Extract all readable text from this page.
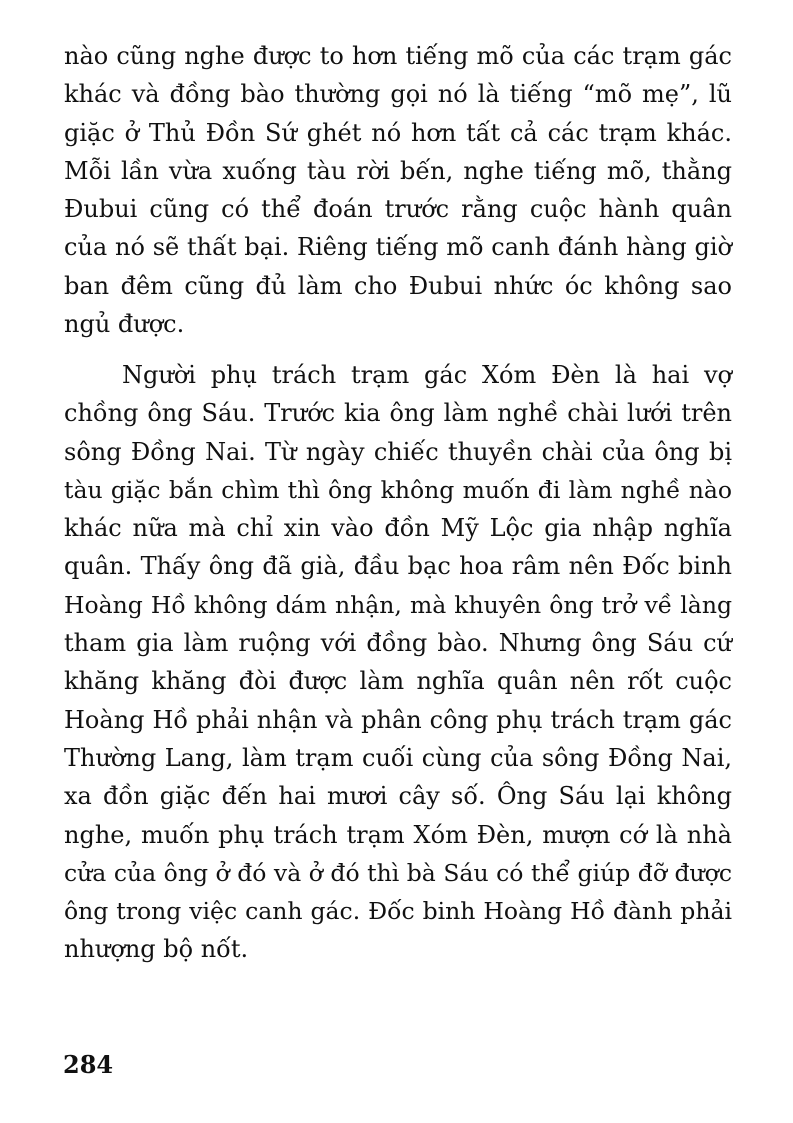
nào cũng nghe được to hơn tiếng mõ của các trạm gác
khác và đồng bào thường gọi nó là tiếng “mõ mẹ”, lũ
giặc ở Thủ Đồn Sứ ghét nó hơn tất cả các trạm khác.
Mỗi lần vừa xuống tàu rời bến, nghe tiếng mõ, thằng
Đubui cũng có thể đoán trước rằng cuộc hành quân
của nó sẽ thất bại. Riêng tiếng mõ canh đánh hàng giờ
ban đêm cũng đủ làm cho Đubui nhức óc không sao
ngủ được.
Người phụ trách trạm gác Xóm Đèn là hai vợ
chồng ông Sáu. Trước kia ông làm nghề chài lưới trên
sông Đồng Nai. Từ ngày chiếc thuyền chài của ông bị
tàu giặc bắn chìm thì ông không muốn đi làm nghề nào
khác nữa mà chỉ xin vào đồn Mỹ Lộc gia nhập nghĩa
quân. Thấy ông đã già, đầu bạc hoa râm nên Đốc binh
Hoàng Hồ không dám nhận, mà khuyên ông trở về làng
tham gia làm ruộng với đồng bào. Nhưng ông Sáu cứ
khăng khăng đòi được làm nghĩa quân nên rốt cuộc
Hoàng Hồ phải nhận và phân công phụ trách trạm gác
Thường Lang, làm trạm cuối cùng của sông Đồng Nai,
xa đồn giặc đến hai mươi cây số. Ông Sáu lại không
nghe, muốn phụ trách trạm Xóm Đèn, mượn cớ là nhà
cửa của ông ở đó và ở đó thì bà Sáu có thể giúp đỡ được
ông trong việc canh gác. Đốc binh Hoàng Hồ đành phải
nhượng bộ nốt.
284
